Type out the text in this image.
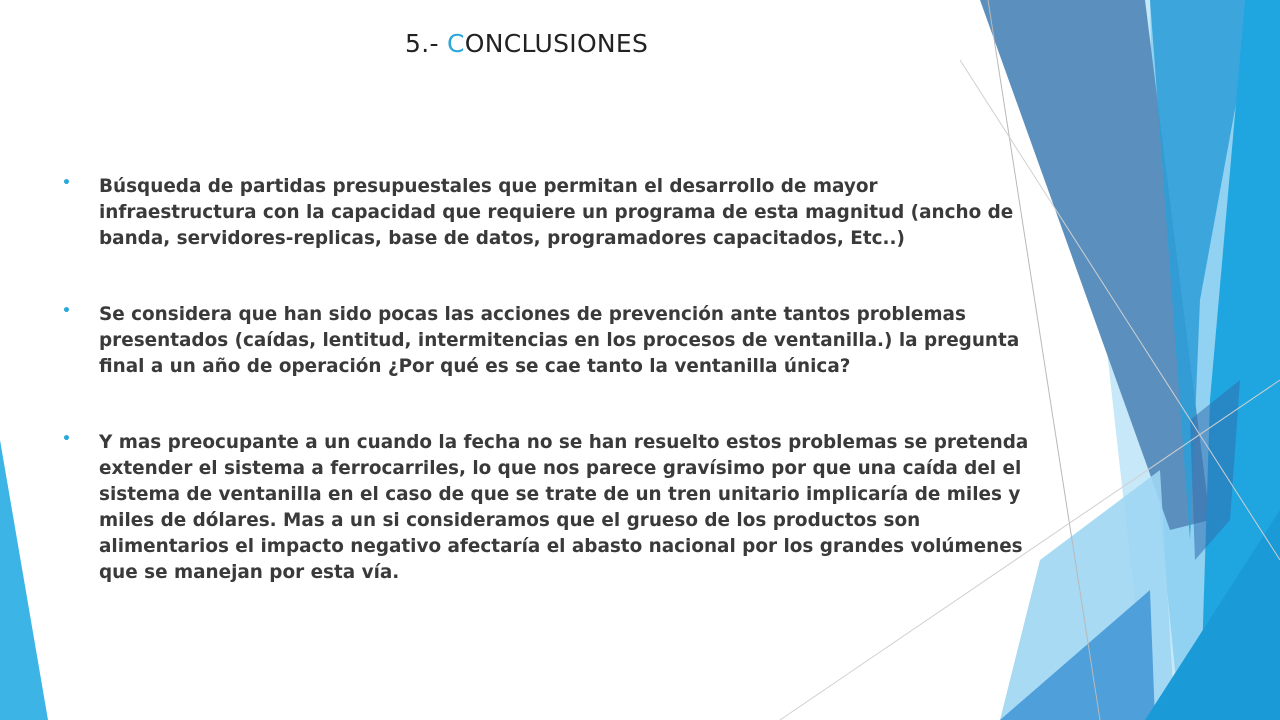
5.- CONCLUSIONES
• Búsqueda de partidas presupuestales que permitan el desarrollo de mayor
infraestructura con la capacidad que requiere un programa de esta magnitud (ancho de
banda, servidores-replicas, base de datos, programadores capacitados, Etc..)
• Se considera que han sido pocas las acciones de prevención ante tantos problemas
presentados (caídas, lentitud, intermitencias en los procesos de ventanilla.) la pregunta
final a un año de operación ¿Por qué es se cae tanto la ventanilla única?
• Y mas preocupante a un cuando la fecha no se han resuelto estos problemas se pretenda
extender el sistema a ferrocarriles, lo que nos parece gravísimo por que una caída del el
sistema de ventanilla en el caso de que se trate de un tren unitario implicaría de miles y
miles de dólares. Mas a un si consideramos que el grueso de los productos son
alimentarios el impacto negativo afectaría el abasto nacional por los grandes volúmenes
que se manejan por esta vía.
